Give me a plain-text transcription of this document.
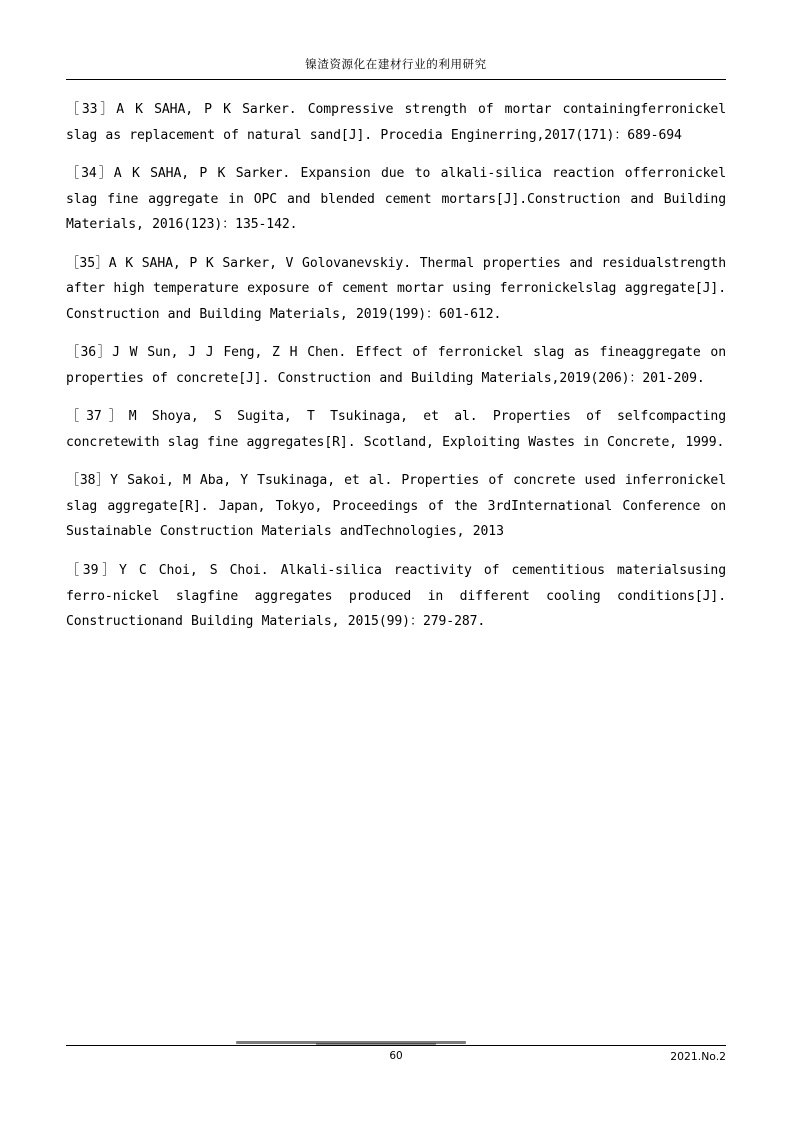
镍渣资源化在建材行业的利用研究

［33］A K SAHA, P K Sarker. Compressive strength of mortar containingferronickel slag as replacement of natural sand[J]. Procedia Enginerring,2017(171)：689-694

［34］A K SAHA, P K Sarker. Expansion due to alkali-silica reaction offerronickel slag fine aggregate in OPC and blended cement mortars[J].Construction and Building Materials, 2016(123)：135-142.

［35］A K SAHA, P K Sarker, V Golovanevskiy. Thermal properties and residualstrength after high temperature exposure of cement mortar using ferronickelslag aggregate[J]. Construction and Building Materials, 2019(199)：601-612.

［36］J W Sun, J J Feng, Z H Chen. Effect of ferronickel slag as fineaggregate on properties of concrete[J]. Construction and Building Materials,2019(206)：201-209.

［37］M Shoya, S Sugita, T Tsukinaga, et al. Properties of selfcompacting concretewith slag fine aggregates[R]. Scotland, Exploiting Wastes in Concrete, 1999.

［38］Y Sakoi, M Aba, Y Tsukinaga, et al. Properties of concrete used inferronickel slag aggregate[R]. Japan, Tokyo, Proceedings of the 3rdInternational Conference on Sustainable Construction Materials andTechnologies, 2013

［39］Y C Choi, S Choi. Alkali‐silica reactivity of cementitious materialsusing ferro-nickel slagfine aggregates produced in different cooling conditions[J]. Constructionand Building Materials, 2015(99)：279-287.

60	2021.No.2
